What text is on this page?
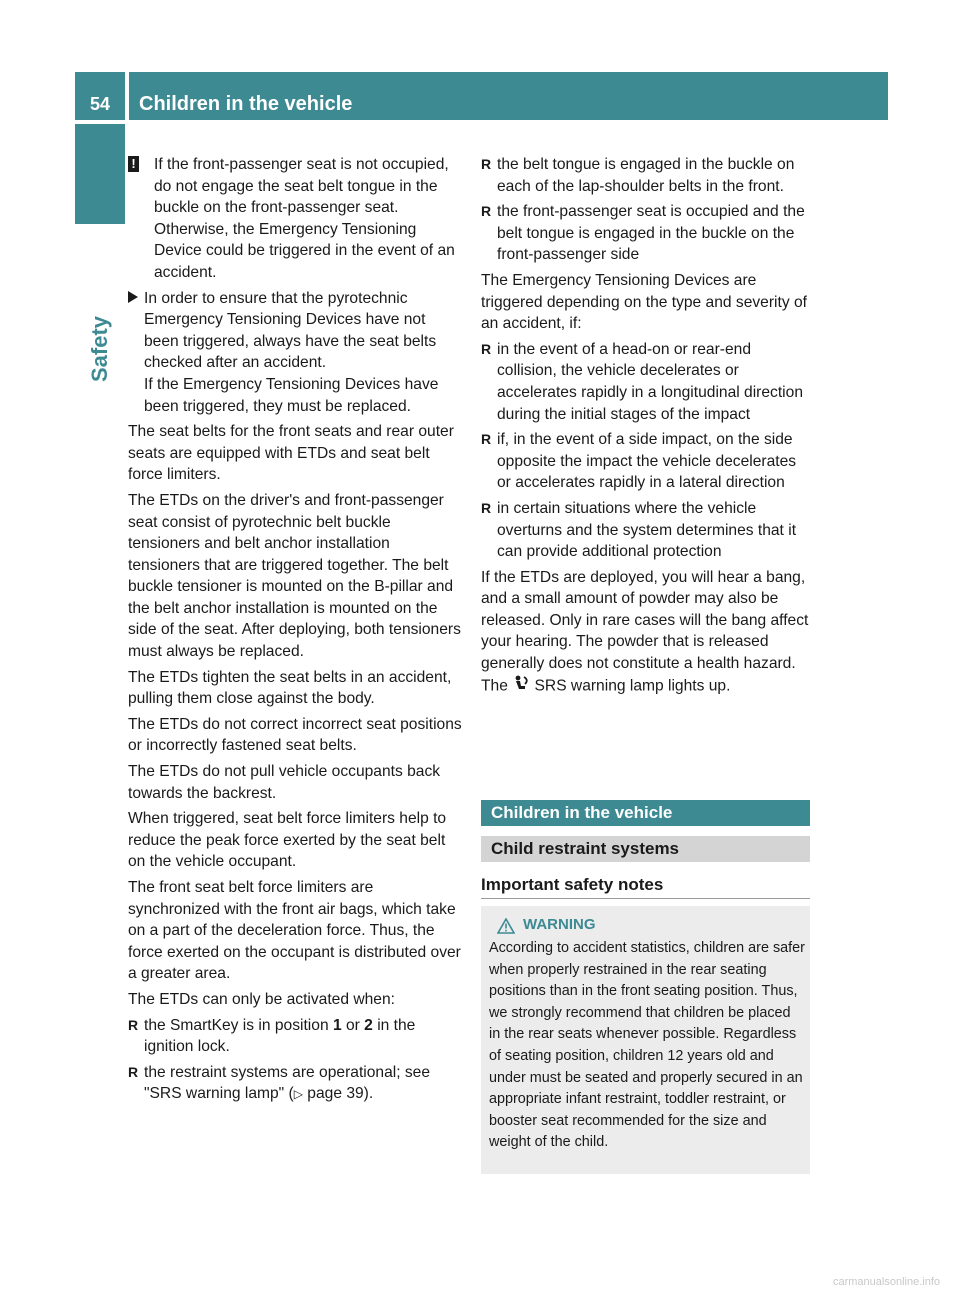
54	Children in the vehicle
Safety
! If the front-passenger seat is not occupied, do not engage the seat belt tongue in the buckle on the front-passenger seat. Otherwise, the Emergency Tensioning Device could be triggered in the event of an accident.
In order to ensure that the pyrotechnic Emergency Tensioning Devices have not been triggered, always have the seat belts checked after an accident.
If the Emergency Tensioning Devices have been triggered, they must be replaced.

The seat belts for the front seats and rear outer seats are equipped with ETDs and seat belt force limiters.

The ETDs on the driver's and front-passenger seat consist of pyrotechnic belt buckle tensioners and belt anchor installation tensioners that are triggered together. The belt buckle tensioner is mounted on the B-pillar and the belt anchor installation is mounted on the side of the seat. After deploying, both tensioners must always be replaced.

The ETDs tighten the seat belts in an accident, pulling them close against the body.

The ETDs do not correct incorrect seat positions or incorrectly fastened seat belts.

The ETDs do not pull vehicle occupants back towards the backrest.

When triggered, seat belt force limiters help to reduce the peak force exerted by the seat belt on the vehicle occupant.

The front seat belt force limiters are synchronized with the front air bags, which take on a part of the deceleration force. Thus, the force exerted on the occupant is distributed over a greater area.

The ETDs can only be activated when:

R the SmartKey is in position 1 or 2 in the ignition lock.
R the restraint systems are operational; see "SRS warning lamp" (▷ page 39).
R the belt tongue is engaged in the buckle on each of the lap-shoulder belts in the front.
R the front-passenger seat is occupied and the belt tongue is engaged in the buckle on the front-passenger side

The Emergency Tensioning Devices are triggered depending on the type and severity of an accident, if:

R in the event of a head-on or rear-end collision, the vehicle decelerates or accelerates rapidly in a longitudinal direction during the initial stages of the impact
R if, in the event of a side impact, on the side opposite the impact the vehicle decelerates or accelerates rapidly in a lateral direction
R in certain situations where the vehicle overturns and the system determines that it can provide additional protection

If the ETDs are deployed, you will hear a bang, and a small amount of powder may also be released. Only in rare cases will the bang affect your hearing. The powder that is released generally does not constitute a health hazard. The  SRS warning lamp lights up.

Children in the vehicle
Child restraint systems
Important safety notes
WARNING
According to accident statistics, children are safer when properly restrained in the rear seating positions than in the front seating position. Thus, we strongly recommend that children be placed in the rear seats whenever possible. Regardless of seating position, children 12 years old and under must be seated and properly secured in an appropriate infant restraint, toddler restraint, or booster seat recommended for the size and weight of the child.
carmanualsonline.info
